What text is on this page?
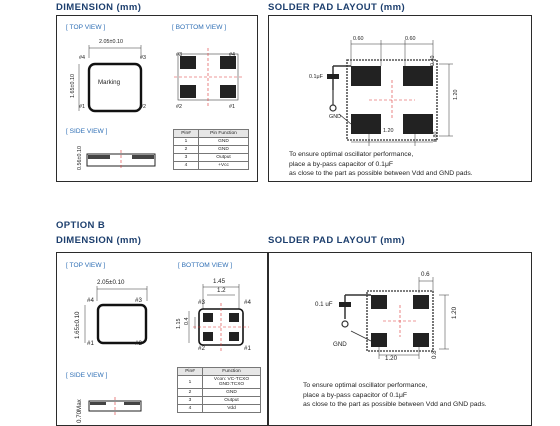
DIMENSION (mm)	SOLDER PAD LAYOUT (mm)
[ TOP VIEW ]	[ BOTTOM VIEW ]
[ SIDE VIEW ]
2.05±0.10
1.65±0.10	Marking
#4	#3
#1	#2
#3	#4
#2	#1
0.56±0.10
Pin#	Pin Function
1	GND
2	GND
3	Output
4	+Vcc
0.60	0.60
0.40
1.20
1.20
0.80
0.1μF
GND
To ensure optimal oscillator performance,
place a by-pass capacitor of 0.1μF
as close to the part as possible between Vdd and GND pads.
OPTION B
DIMENSION (mm)	SOLDER PAD LAYOUT (mm)
[ TOP VIEW ]	[ BOTTOM VIEW ]
[ SIDE VIEW ]
2.05±0.10
1.65±0.10
#4	#3
#1	#2
1.45
1.2
1.15 0.4
#3	#4
#2	#1
0.70Max
Pin#	Function
1	Vcon: VC-TCXO GND:TCXO
2	GND
3	Output
4	Vdd
0.6
1.20
1.20	0.8
0.1 uF
GND
To ensure optimal oscillator performance,
place a by-pass capacitor of 0.1μF
as close to the part as possible between Vdd and GND pads.
